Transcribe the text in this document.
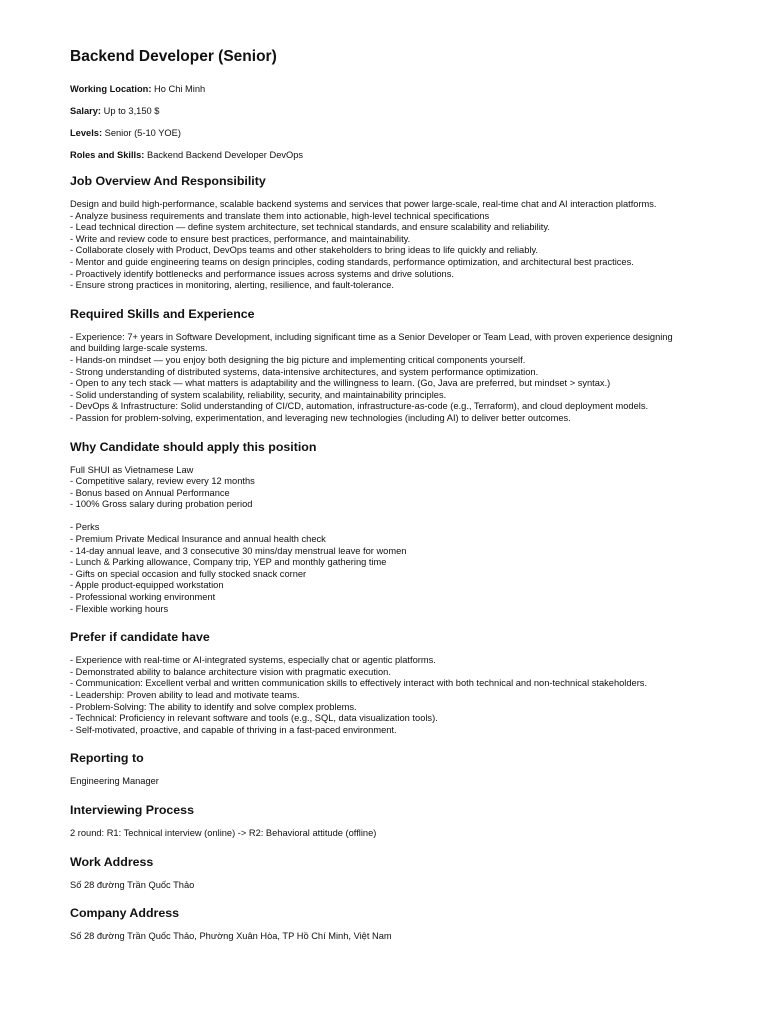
Backend Developer (Senior)

Working Location: Ho Chi Minh

Salary: Up to 3,150 $

Levels: Senior (5-10 YOE)

Roles and Skills: Backend Backend Developer DevOps

Job Overview And Responsibility
Design and build high-performance, scalable backend systems and services that power large-scale, real-time chat and AI interaction platforms.
- Analyze business requirements and translate them into actionable, high-level technical specifications
- Lead technical direction — define system architecture, set technical standards, and ensure scalability and reliability.
- Write and review code to ensure best practices, performance, and maintainability.
- Collaborate closely with Product, DevOps teams and other stakeholders to bring ideas to life quickly and reliably.
- Mentor and guide engineering teams on design principles, coding standards, performance optimization, and architectural best practices.
- Proactively identify bottlenecks and performance issues across systems and drive solutions.
- Ensure strong practices in monitoring, alerting, resilience, and fault-tolerance.
Required Skills and Experience
- Experience: 7+ years in Software Development, including significant time as a Senior Developer or Team Lead, with proven experience designing
and building large-scale systems.
- Hands-on mindset — you enjoy both designing the big picture and implementing critical components yourself.
- Strong understanding of distributed systems, data-intensive architectures, and system performance optimization.
- Open to any tech stack — what matters is adaptability and the willingness to learn. (Go, Java are preferred, but mindset > syntax.)
- Solid understanding of system scalability, reliability, security, and maintainability principles.
- DevOps & Infrastructure: Solid understanding of CI/CD, automation, infrastructure-as-code (e.g., Terraform), and cloud deployment models.
- Passion for problem-solving, experimentation, and leveraging new technologies (including AI) to deliver better outcomes.
Why Candidate should apply this position
Full SHUI as Vietnamese Law
- Competitive salary, review every 12 months
- Bonus based on Annual Performance
- 100% Gross salary during probation period
- Perks
- Premium Private Medical Insurance and annual health check
- 14-day annual leave, and 3 consecutive 30 mins/day menstrual leave for women
- Lunch & Parking allowance, Company trip, YEP and monthly gathering time
- Gifts on special occasion and fully stocked snack corner
- Apple product-equipped workstation
- Professional working environment
- Flexible working hours
Prefer if candidate have
- Experience with real-time or AI-integrated systems, especially chat or agentic platforms.
- Demonstrated ability to balance architecture vision with pragmatic execution.
- Communication: Excellent verbal and written communication skills to effectively interact with both technical and non-technical stakeholders.
- Leadership: Proven ability to lead and motivate teams.
- Problem-Solving: The ability to identify and solve complex problems.
- Technical: Proficiency in relevant software and tools (e.g., SQL, data visualization tools).
- Self-motivated, proactive, and capable of thriving in a fast-paced environment.
Reporting to
Engineering Manager
Interviewing Process
2 round: R1: Technical interview (online) -> R2: Behavioral attitude (offline)
Work Address
Số 28 đường Trần Quốc Thảo
Company Address
Số 28 đường Trần Quốc Thảo, Phường Xuân Hòa, TP Hồ Chí Minh, Việt Nam
